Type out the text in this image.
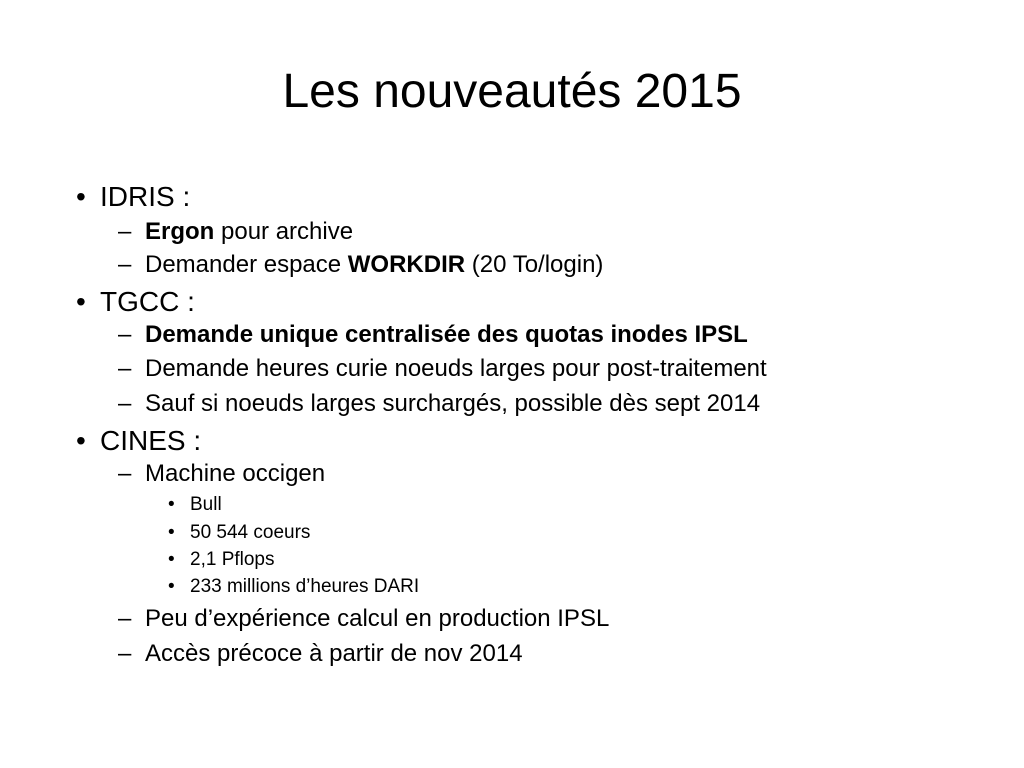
Les nouveautés 2015
• IDRIS :
– Ergon pour archive
– Demander espace WORKDIR (20 To/login)
• TGCC :
– Demande unique centralisée des quotas inodes IPSL
– Demande heures curie noeuds larges pour post-traitement
– Sauf si noeuds larges surchargés, possible dès sept 2014
• CINES :
– Machine occigen
• Bull
• 50 544 coeurs
• 2,1 Pflops
• 233 millions d’heures DARI
– Peu d’expérience calcul en production IPSL
– Accès précoce à partir de nov 2014
